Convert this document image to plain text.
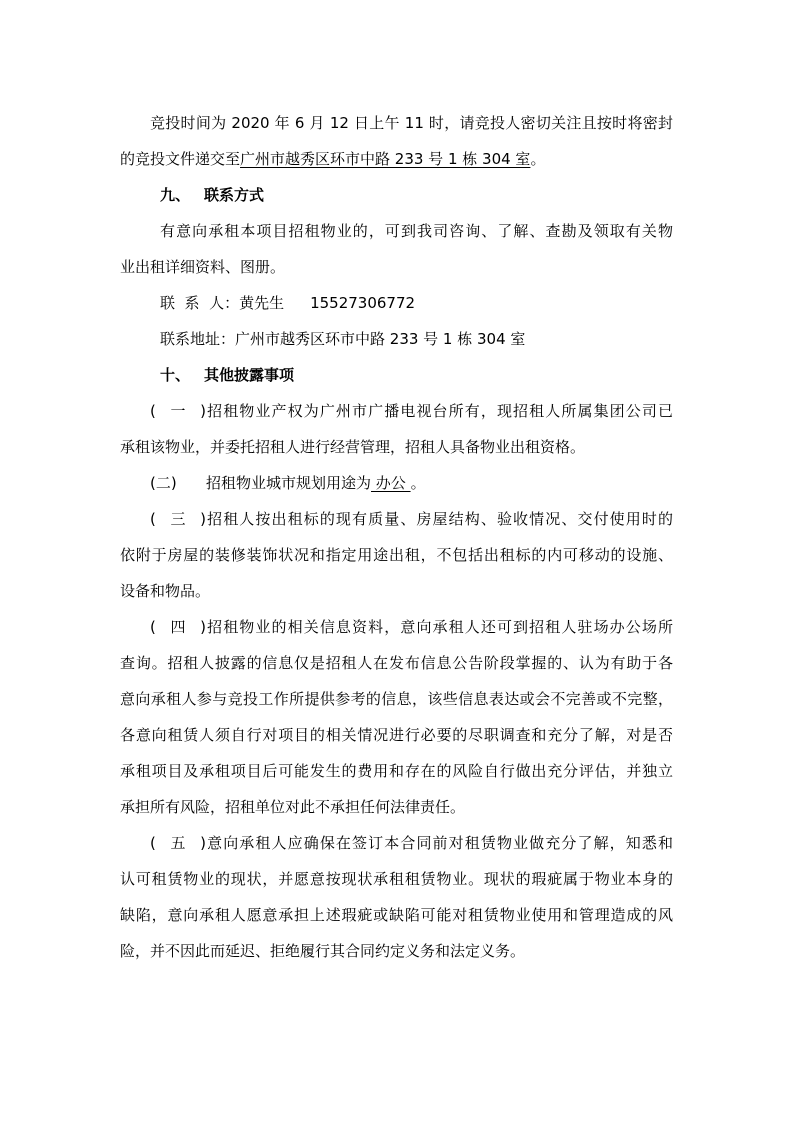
竞投时间为 2020 年 6 月 12 日上午 11 时，请竞投人密切关注且按时将密封
的竞投文件递交至广州市越秀区环市中路 233 号 1 栋 304 室。
九、 联系方式
有意向承租本项目招租物业的，可到我司咨询、了解、查勘及领取有关物
业出租详细资料、图册。
联  系  人：黄先生 15527306772
联系地址：广州市越秀区环市中路 233 号 1 栋 304 室
十、 其他披露事项
(一)招租物业产权为广州市广播电视台所有，现招租人所属集团公司已
承租该物业，并委托招租人进行经营管理，招租人具备物业出租资格。
(二) 招租物业城市规划用途为 办公 。
(三)招租人按出租标的现有质量、房屋结构、验收情况、交付使用时的
依附于房屋的装修装饰状况和指定用途出租，不包括出租标的内可移动的设施、
设备和物品。
(四)招租物业的相关信息资料，意向承租人还可到招租人驻场办公场所
查询。招租人披露的信息仅是招租人在发布信息公告阶段掌握的、认为有助于各
意向承租人参与竞投工作所提供参考的信息，该些信息表达或会不完善或不完整，
各意向租赁人须自行对项目的相关情况进行必要的尽职调查和充分了解，对是否
承租项目及承租项目后可能发生的费用和存在的风险自行做出充分评估，并独立
承担所有风险，招租单位对此不承担任何法律责任。
(五)意向承租人应确保在签订本合同前对租赁物业做充分了解，知悉和
认可租赁物业的现状，并愿意按现状承租租赁物业。现状的瑕疵属于物业本身的
缺陷，意向承租人愿意承担上述瑕疵或缺陷可能对租赁物业使用和管理造成的风
险，并不因此而延迟、拒绝履行其合同约定义务和法定义务。
